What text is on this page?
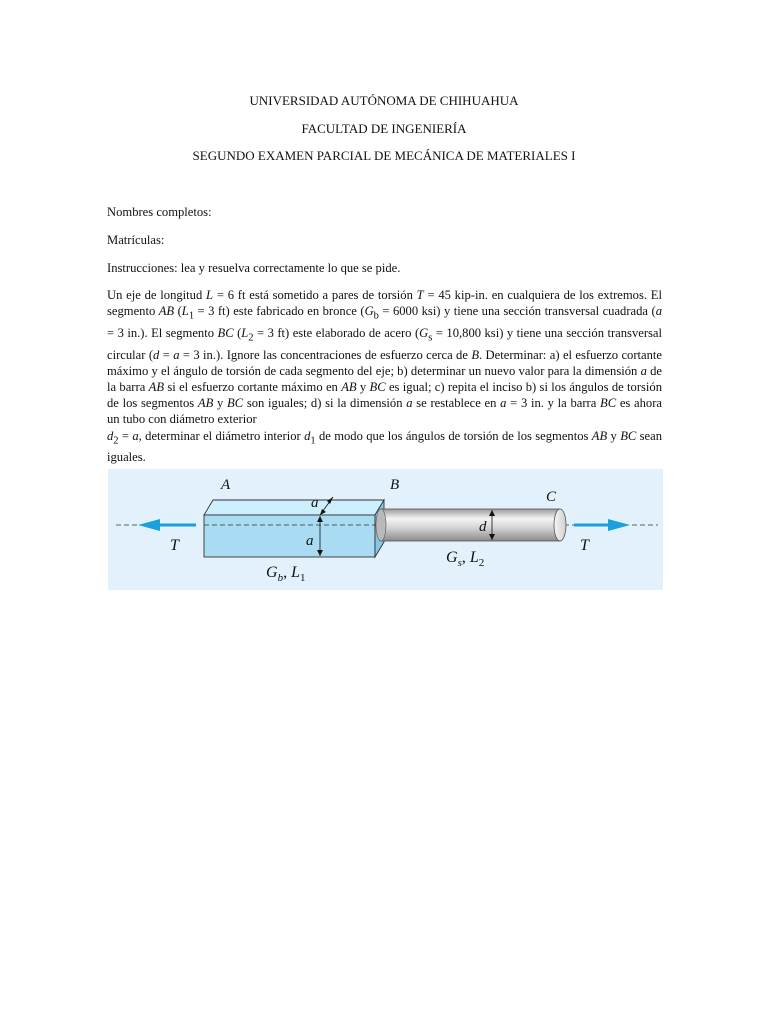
UNIVERSIDAD AUTÓNOMA DE CHIHUAHUA
FACULTAD DE INGENIERÍA
SEGUNDO EXAMEN PARCIAL DE MECÁNICA DE MATERIALES I

Nombres completos:

Matrículas:

Instrucciones: lea y resuelva correctamente lo que se pide.

Un eje de longitud L = 6 ft está sometido a pares de torsión T = 45 kip-in. en cualquiera de los extremos. El segmento AB ($L_1 = 3$ ft) este fabricado en bronce ($G_b = 6000$ ksi) y tiene una sección transversal cuadrada (a = 3 in.). El segmento BC ($L_2 = 3$ ft) este elaborado de acero ($G_s = 10,800$ ksi) y tiene una sección transversal circular (d = a = 3 in.). Ignore las concentraciones de esfuerzo cerca de B. Determinar: a) el esfuerzo cortante máximo y el ángulo de torsión de cada segmento del eje; b) determinar un nuevo valor para la dimensión a de la barra AB si el esfuerzo cortante máximo en AB y BC es igual; c) repita el inciso b) si los ángulos de torsión de los segmentos AB y BC son iguales; d) si la dimensión a se restablece en a = 3 in. y la barra BC es ahora un tubo con diámetro exterior
$d_2 = a$, determinar el diámetro interior $d_1$ de modo que los ángulos de torsión de los segmentos AB y BC sean iguales.

A	B
C
a
a
d
T	T
$G_b$, $L_1$
$G_s$, $L_2$
